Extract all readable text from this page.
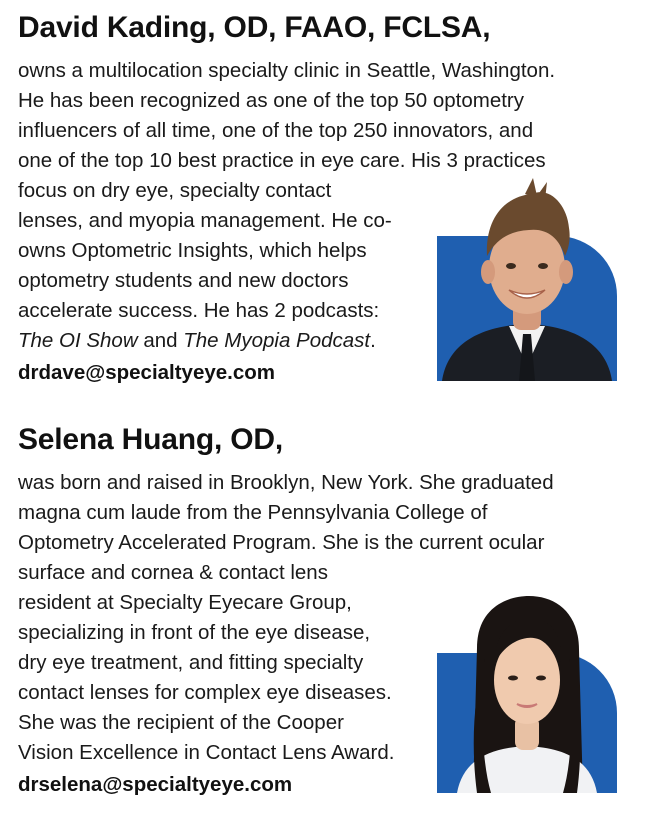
David Kading, OD, FAAO, FCLSA,
owns a multilocation specialty clinic in Seattle, Washington.
He has been recognized as one of the top 50 optometry
influencers of all time, one of the top 250 innovators, and
one of the top 10 best practice in eye care. His 3 practices
focus on dry eye, specialty contact
lenses, and myopia management. He co-
owns Optometric Insights, which helps
optometry students and new doctors
accelerate success. He has 2 podcasts:
The OI Show and The Myopia Podcast.
drdave@specialtyeye.com
Selena Huang, OD,
was born and raised in Brooklyn, New York. She graduated
magna cum laude from the Pennsylvania College of
Optometry Accelerated Program. She is the current ocular
surface and cornea & contact lens
resident at Specialty Eyecare Group,
specializing in front of the eye disease,
dry eye treatment, and fitting specialty
contact lenses for complex eye diseases.
She was the recipient of the Cooper
Vision Excellence in Contact Lens Award.
drselena@specialtyeye.com
